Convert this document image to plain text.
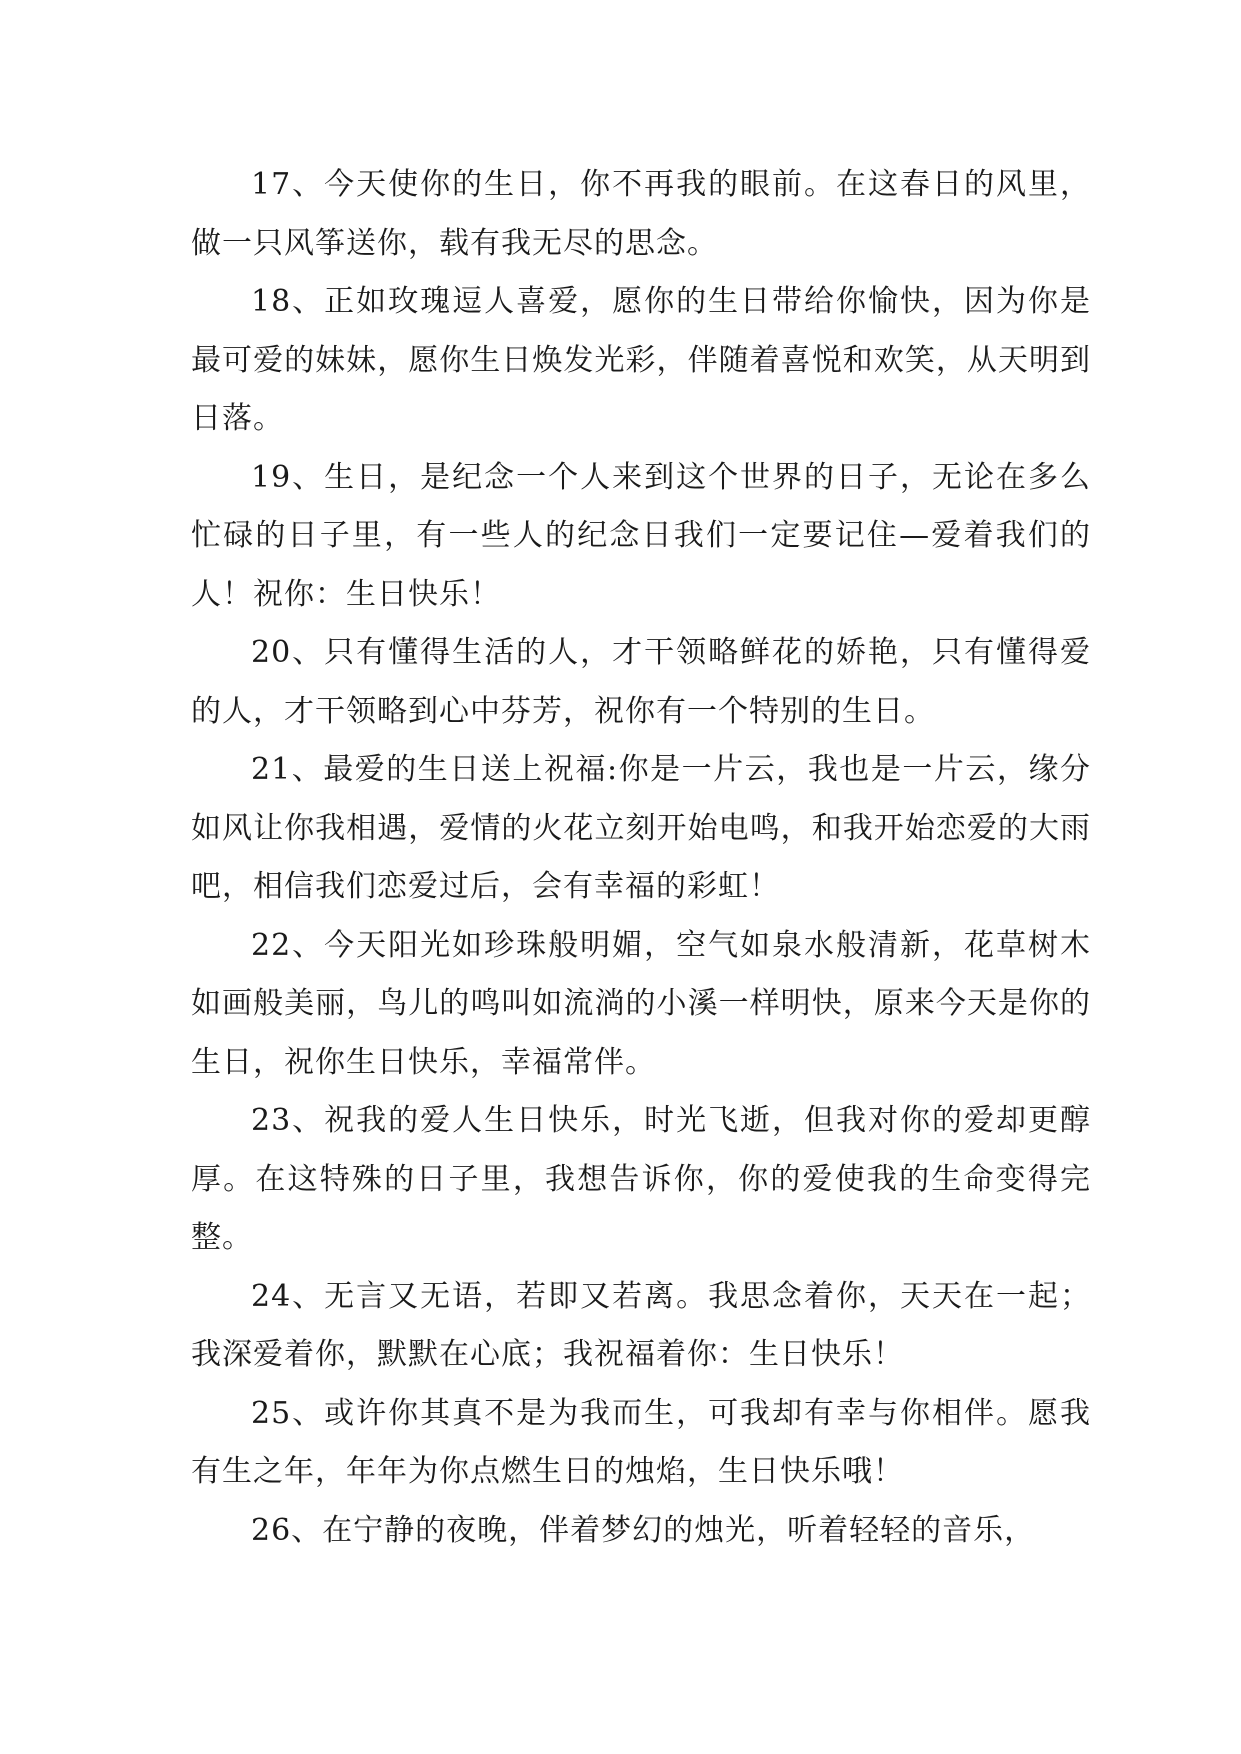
17、今天使你的生日，你不再我的眼前。在这春日的风里，做一只风筝送你，载有我无尽的思念。

18、正如玫瑰逗人喜爱，愿你的生日带给你愉快，因为你是最可爱的妹妹，愿你生日焕发光彩，伴随着喜悦和欢笑，从天明到日落。

19、生日，是纪念一个人来到这个世界的日子，无论在多么忙碌的日子里，有一些人的纪念日我们一定要记住—爱着我们的人！祝你：生日快乐！

20、只有懂得生活的人，才干领略鲜花的娇艳，只有懂得爱的人，才干领略到心中芬芳，祝你有一个特别的生日。

21、最爱的生日送上祝福:你是一片云，我也是一片云，缘分如风让你我相遇，爱情的火花立刻开始电鸣，和我开始恋爱的大雨吧，相信我们恋爱过后，会有幸福的彩虹！

22、今天阳光如珍珠般明媚，空气如泉水般清新，花草树木如画般美丽，鸟儿的鸣叫如流淌的小溪一样明快，原来今天是你的生日，祝你生日快乐，幸福常伴。

23、祝我的爱人生日快乐，时光飞逝，但我对你的爱却更醇厚。在这特殊的日子里，我想告诉你，你的爱使我的生命变得完整。

24、无言又无语，若即又若离。我思念着你，天天在一起；我深爱着你，默默在心底；我祝福着你：生日快乐！

25、或许你其真不是为我而生，可我却有幸与你相伴。愿我有生之年，年年为你点燃生日的烛焰，生日快乐哦！

26、在宁静的夜晚，伴着梦幻的烛光，听着轻轻的音乐，
